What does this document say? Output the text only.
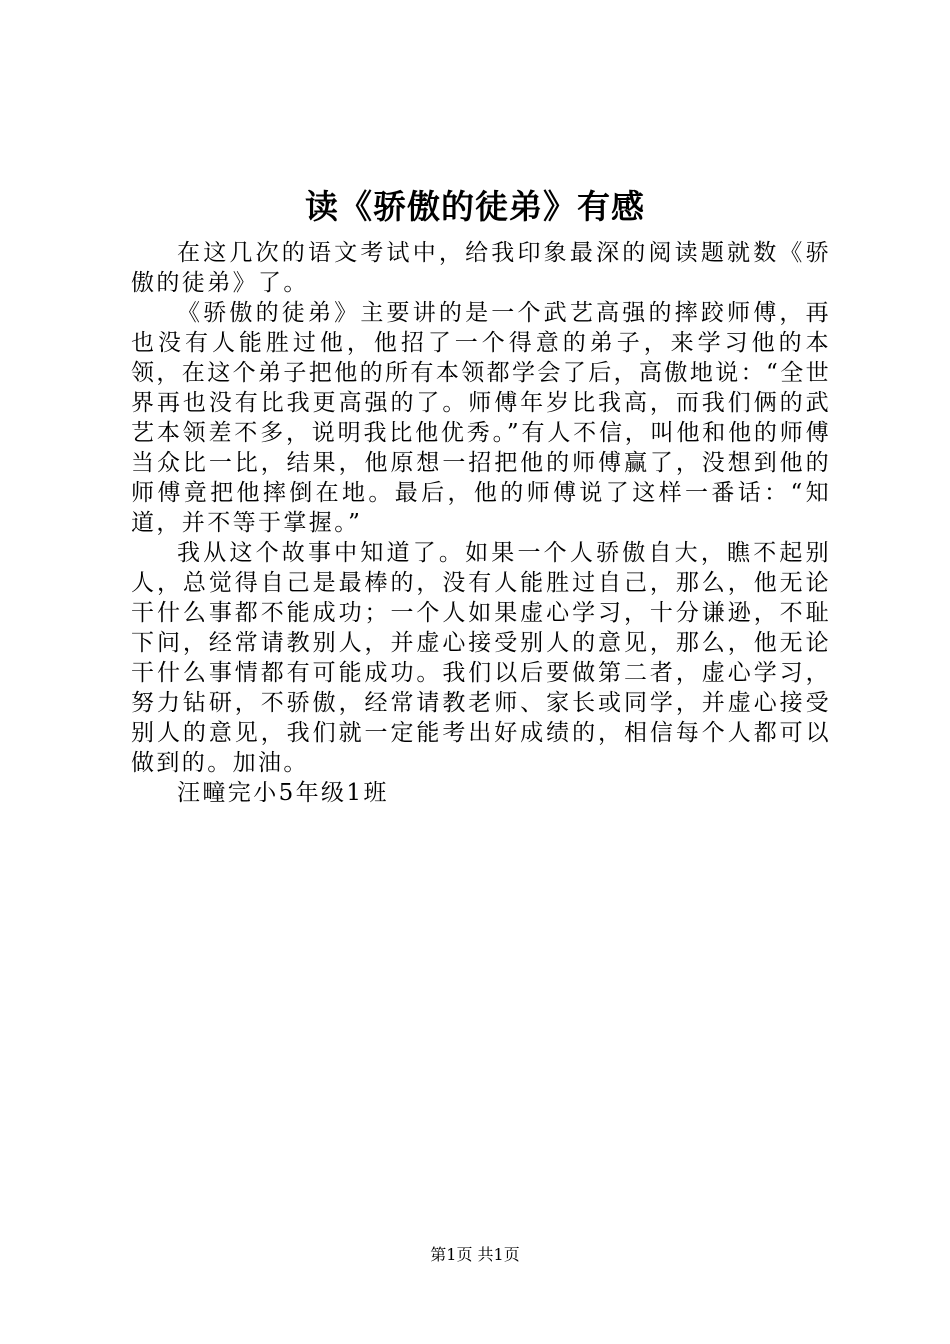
读《骄傲的徒弟》有感

在这几次的语文考试中，给我印象最深的阅读题就数《骄傲的徒弟》了。

《骄傲的徒弟》主要讲的是一个武艺高强的摔跤师傅，再也没有人能胜过他，他招了一个得意的弟子，来学习他的本领，在这个弟子把他的所有本领都学会了后，高傲地说：“全世界再也没有比我更高强的了。师傅年岁比我高，而我们俩的武艺本领差不多，说明我比他优秀。”有人不信，叫他和他的师傅当众比一比，结果，他原想一招把他的师傅赢了，没想到他的师傅竟把他摔倒在地。最后，他的师傅说了这样一番话：“知道，并不等于掌握。”

我从这个故事中知道了。如果一个人骄傲自大，瞧不起别人，总觉得自己是最棒的，没有人能胜过自己，那么，他无论干什么事都不能成功；一个人如果虚心学习，十分谦逊，不耻下问，经常请教别人，并虚心接受别人的意见，那么，他无论干什么事情都有可能成功。我们以后要做第二者，虚心学习，努力钻研，不骄傲，经常请教老师、家长或同学，并虚心接受别人的意见，我们就一定能考出好成绩的，相信每个人都可以做到的。加油。

汪疃完小5年级1班

第1页 共1页
